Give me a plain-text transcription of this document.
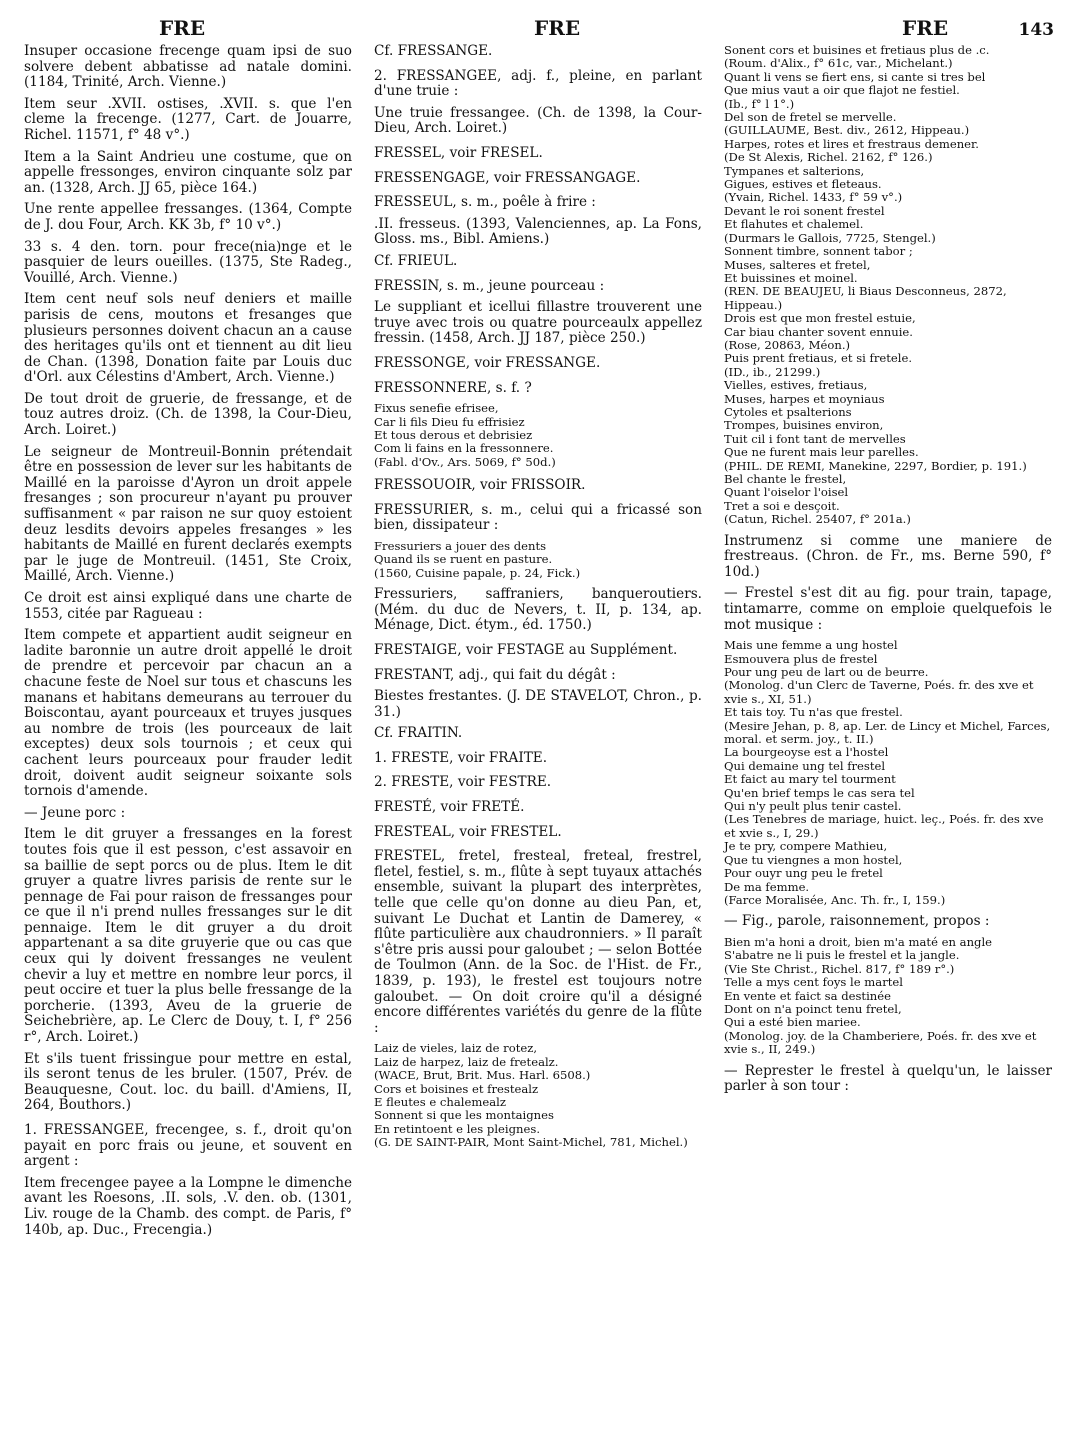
FRE	FRE	FRE	143

Insuper occasione frecenge quam ipsi de suo solvere debent abbatisse ad natale domini. (1184, Trinité, Arch. Vienne.)

Item seur .XVII. ostises, .XVII. s. que l'en cleme la frecenge. (1277, Cart. de Jouarre, Richel. 11571, f° 48 v°.)

Item a la Saint Andrieu une costume, que on appelle fressonges, environ cinquante solz par an. (1328, Arch. JJ 65, pièce 164.)

Une rente appellee fressanges. (1364, Compte de J. dou Four, Arch. KK 3b, f° 10 v°.)

33 s. 4 den. torn. pour frece(nia)nge et le pasquier de leurs oueilles. (1375, Ste Radeg., Vouillé, Arch. Vienne.)

Item cent neuf sols neuf deniers et maille parisis de cens, moutons et fresanges que plusieurs personnes doivent chacun an a cause des heritages qu'ils ont et tiennent au dit lieu de Chan. (1398, Donation faite par Louis duc d'Orl. aux Célestins d'Ambert, Arch. Vienne.)

De tout droit de gruerie, de fressange, et de touz autres droiz. (Ch. de 1398, la Cour-Dieu, Arch. Loiret.)

Le seigneur de Montreuil-Bonnin prétendait être en possession de lever sur les habitants de Maillé en la paroisse d'Ayron un droit appele fresanges ; son procureur n'ayant pu prouver suffisanment « par raison ne sur quoy estoient deuz lesdits devoirs appeles fresanges » les habitants de Maillé en furent declarés exempts par le juge de Montreuil. (1451, Ste Croix, Maillé, Arch. Vienne.)

Ce droit est ainsi expliqué dans une charte de 1553, citée par Ragueau :

Item compete et appartient audit seigneur en ladite baronnie un autre droit appellé le droit de prendre et percevoir par chacun an a chacune feste de Noel sur tous et chascuns les manans et habitans demeurans au terrouer du Boiscontau, ayant pourceaux et truyes jusques au nombre de trois (les pourceaux de lait exceptes) deux sols tournois ; et ceux qui cachent leurs pourceaux pour frauder ledit droit, doivent audit seigneur soixante sols tornois d'amende.

— Jeune porc :

Item le dit gruyer a fressanges en la forest toutes fois que il est pesson, c'est assavoir en sa baillie de sept porcs ou de plus. Item le dit gruyer a quatre livres parisis de rente sur le pennage de Fai pour raison de fressanges pour ce que il n'i prend nulles fressanges sur le dit pennaige. Item le dit gruyer a du droit appartenant a sa dite gruyerie que ou cas que ceux qui ly doivent fressanges ne veulent chevir a luy et mettre en nombre leur porcs, il peut occire et tuer la plus belle fressange de la porcherie. (1393, Aveu de la gruerie de Seichebrière, ap. Le Clerc de Douy, t. I, f° 256 r°, Arch. Loiret.)

Et s'ils tuent frissingue pour mettre en estal, ils seront tenus de les bruler. (1507, Prév. de Beauquesne, Cout. loc. du baill. d'Amiens, II, 264, Bouthors.)

1. FRESSANGEE, frecengee, s. f., droit qu'on payait en porc frais ou jeune, et souvent en argent :

Item frecengee payee a la Lompne le dimenche avant les Roesons, .II. sols, .V. den. ob. (1301, Liv. rouge de la Chamb. des compt. de Paris, f° 140b, ap. Duc., Frecengia.)

Cf. FRESSANGE.

2. FRESSANGEE, adj. f., pleine, en parlant d'une truie :

Une truie fressangee. (Ch. de 1398, la Cour-Dieu, Arch. Loiret.)

FRESSEL, voir FRESEL.

FRESSENGAGE, voir FRESSANGAGE.

FRESSEUL, s. m., poêle à frire :

.II. fresseus. (1393, Valenciennes, ap. La Fons, Gloss. ms., Bibl. Amiens.)

Cf. FRIEUL.

FRESSIN, s. m., jeune pourceau :

Le suppliant et icellui fillastre trouverent une truye avec trois ou quatre pourceaulx appellez fressin. (1458, Arch. JJ 187, pièce 250.)

FRESSONGE, voir FRESSANGE.

FRESSONNERE, s. f. ?

Fixus senefie efrisee,
Car li fils Dieu fu effrisiez
Et tous derous et debrisiez
Com li fains en la fressonnere.
(Fabl. d'Ov., Ars. 5069, f° 50d.)

FRESSOUOIR, voir FRISSOIR.

FRESSURIER, s. m., celui qui a fricassé son bien, dissipateur :

Fressuriers a jouer des dents
Quand ils se ruent en pasture.
(1560, Cuisine papale, p. 24, Fick.)

Fressuriers, saffraniers, banqueroutiers. (Mém. du duc de Nevers, t. II, p. 134, ap. Ménage, Dict. étym., éd. 1750.)

FRESTAIGE, voir FESTAGE au Supplément.

FRESTANT, adj., qui fait du dégât :

Biestes frestantes. (J. DE STAVELOT, Chron., p. 31.)

Cf. FRAITIN.

1. FRESTE, voir FRAITE.

2. FRESTE, voir FESTRE.

FRESTÉ, voir FRETÉ.

FRESTEAL, voir FRESTEL.

FRESTEL, fretel, fresteal, freteal, frestrel, fletel, festiel, s. m., flûte à sept tuyaux attachés ensemble, suivant la plupart des interprètes, telle que celle qu'on donne au dieu Pan, et, suivant Le Duchat et Lantin de Damerey, « flûte particulière aux chaudronniers. » Il paraît s'être pris aussi pour galoubet ; — selon Bottée de Toulmon (Ann. de la Soc. de l'Hist. de Fr., 1839, p. 193), le frestel est toujours notre galoubet. — On doit croire qu'il a désigné encore différentes variétés du genre de la flûte :

Laiz de vieles, laiz de rotez,
Laiz de harpez, laiz de fretealz.
(WACE, Brut, Brit. Mus. Harl. 6508.)
Cors et boisines et frestealz
E fleutes e chalemealz
Sonnent si que les montaignes
En retintoent e les pleignes.
(G. DE SAINT-PAIR, Mont Saint-Michel, 781, Michel.)
Sonent cors et buisines et fretiaus plus de .c.
(Roum. d'Alix., f° 61c, var., Michelant.)
Quant li vens se fiert ens, si cante si tres bel
Que mius vaut a oir que flajot ne festiel.
(Ib., f° l 1°.)
Del son de fretel se mervelle.
(GUILLAUME, Best. div., 2612, Hippeau.)
Harpes, rotes et lires et frestraus demener.
(De St Alexis, Richel. 2162, f° 126.)
Tympanes et salterions,
Gigues, estives et fleteaus.
(Yvain, Richel. 1433, f° 59 v°.)
Devant le roi sonent frestel
Et flahutes et chalemel.
(Durmars le Gallois, 7725, Stengel.)
Sonnent timbre, sonnent tabor ;
Muses, salteres et fretel,
Et buissines et moinel.
(REN. DE BEAUJEU, li Biaus Desconneus, 2872, Hippeau.)
Drois est que mon frestel estuie,
Car biau chanter sovent ennuie.
(Rose, 20863, Méon.)
Puis prent fretiaus, et si fretele.
(ID., ib., 21299.)
Vielles, estives, fretiaus,
Muses, harpes et moyniaus
Cytoles et psalterions
Trompes, buisines environ,
Tuit cil i font tant de mervelles
Que ne furent mais leur parelles.
(PHIL. DE REMI, Manekine, 2297, Bordier, p. 191.)
Bel chante le frestel,
Quant l'oiselor l'oisel
Tret a soi e desçoit.
(Catun, Richel. 25407, f° 201a.)

Instrumenz si comme une maniere de frestreaus. (Chron. de Fr., ms. Berne 590, f° 10d.)

— Frestel s'est dit au fig. pour train, tapage, tintamarre, comme on emploie quelquefois le mot musique :

Mais une femme a ung hostel
Esmouvera plus de frestel
Pour ung peu de lart ou de beurre.
(Monolog. d'un Clerc de Taverne, Poés. fr. des xve et xvie s., XI, 51.)
Et tais toy. Tu n'as que frestel.
(Mesire Jehan, p. 8, ap. Ler. de Lincy et Michel, Farces, moral. et serm. joy., t. II.)
La bourgeoyse est a l'hostel
Qui demaine ung tel frestel
Et faict au mary tel tourment
Qu'en brief temps le cas sera tel
Qui n'y peult plus tenir castel.
(Les Tenebres de mariage, huict. leç., Poés. fr. des xve et xvie s., I, 29.)
Je te pry, compere Mathieu,
Que tu viengnes a mon hostel,
Pour ouyr ung peu le fretel
De ma femme.
(Farce Moralisée, Anc. Th. fr., I, 159.)

— Fig., parole, raisonnement, propos :

Bien m'a honi a droit, bien m'a maté en angle
S'abatre ne li puis le frestel et la jangle.
(Vie Ste Christ., Richel. 817, f° 189 r°.)
Telle a mys cent foys le martel
En vente et faict sa destinée
Dont on n'a poinct tenu fretel,
Qui a esté bien mariee.
(Monolog. joy. de la Chamberiere, Poés. fr. des xve et xvie s., II, 249.)

— Represter le frestel à quelqu'un, le laisser parler à son tour :
